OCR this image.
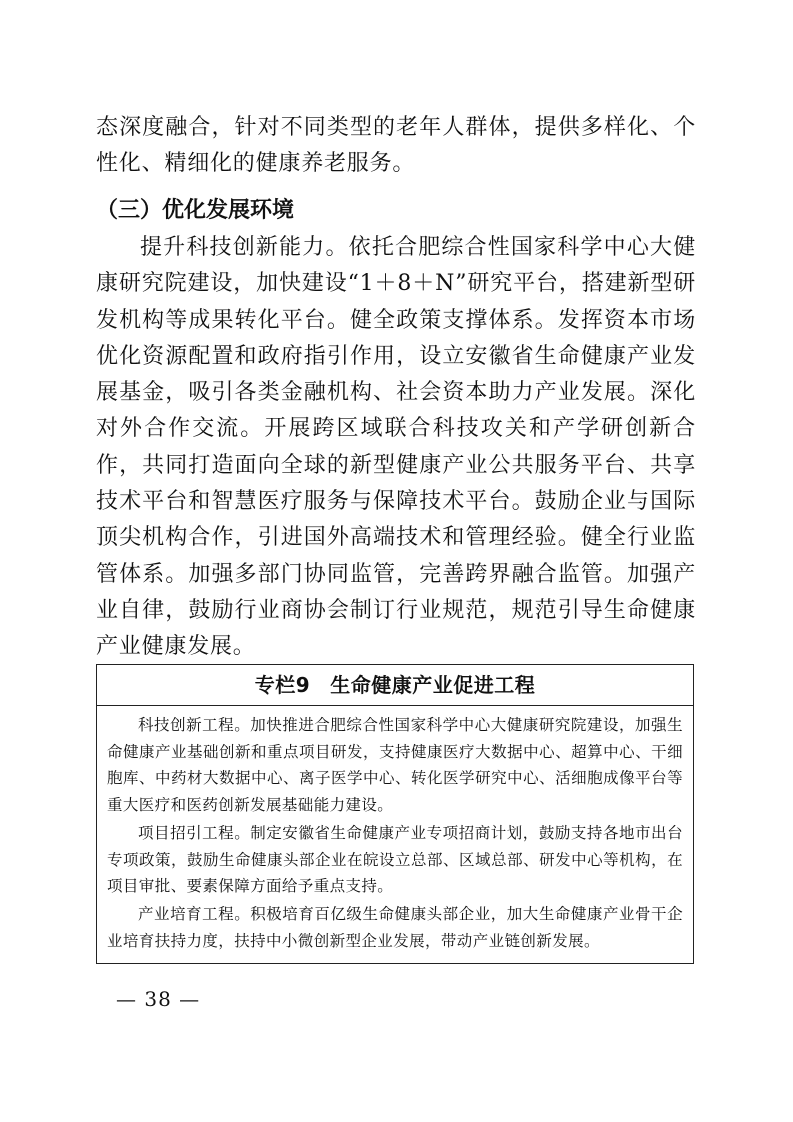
态深度融合，针对不同类型的老年人群体，提供多样化、个性化、精细化的健康养老服务。

（三）优化发展环境

提升科技创新能力。依托合肥综合性国家科学中心大健康研究院建设，加快建设“1＋8＋N”研究平台，搭建新型研发机构等成果转化平台。健全政策支撑体系。发挥资本市场优化资源配置和政府指引作用，设立安徽省生命健康产业发展基金，吸引各类金融机构、社会资本助力产业发展。深化对外合作交流。开展跨区域联合科技攻关和产学研创新合作，共同打造面向全球的新型健康产业公共服务平台、共享技术平台和智慧医疗服务与保障技术平台。鼓励企业与国际顶尖机构合作，引进国外高端技术和管理经验。健全行业监管体系。加强多部门协同监管，完善跨界融合监管。加强产业自律，鼓励行业商协会制订行业规范，规范引导生命健康产业健康发展。

专栏9 生命健康产业促进工程

科技创新工程。加快推进合肥综合性国家科学中心大健康研究院建设，加强生命健康产业基础创新和重点项目研发，支持健康医疗大数据中心、超算中心、干细胞库、中药材大数据中心、离子医学中心、转化医学研究中心、活细胞成像平台等重大医疗和医药创新发展基础能力建设。

项目招引工程。制定安徽省生命健康产业专项招商计划，鼓励支持各地市出台专项政策，鼓励生命健康头部企业在皖设立总部、区域总部、研发中心等机构，在项目审批、要素保障方面给予重点支持。

产业培育工程。积极培育百亿级生命健康头部企业，加大生命健康产业骨干企业培育扶持力度，扶持中小微创新型企业发展，带动产业链创新发展。

— 38 —
